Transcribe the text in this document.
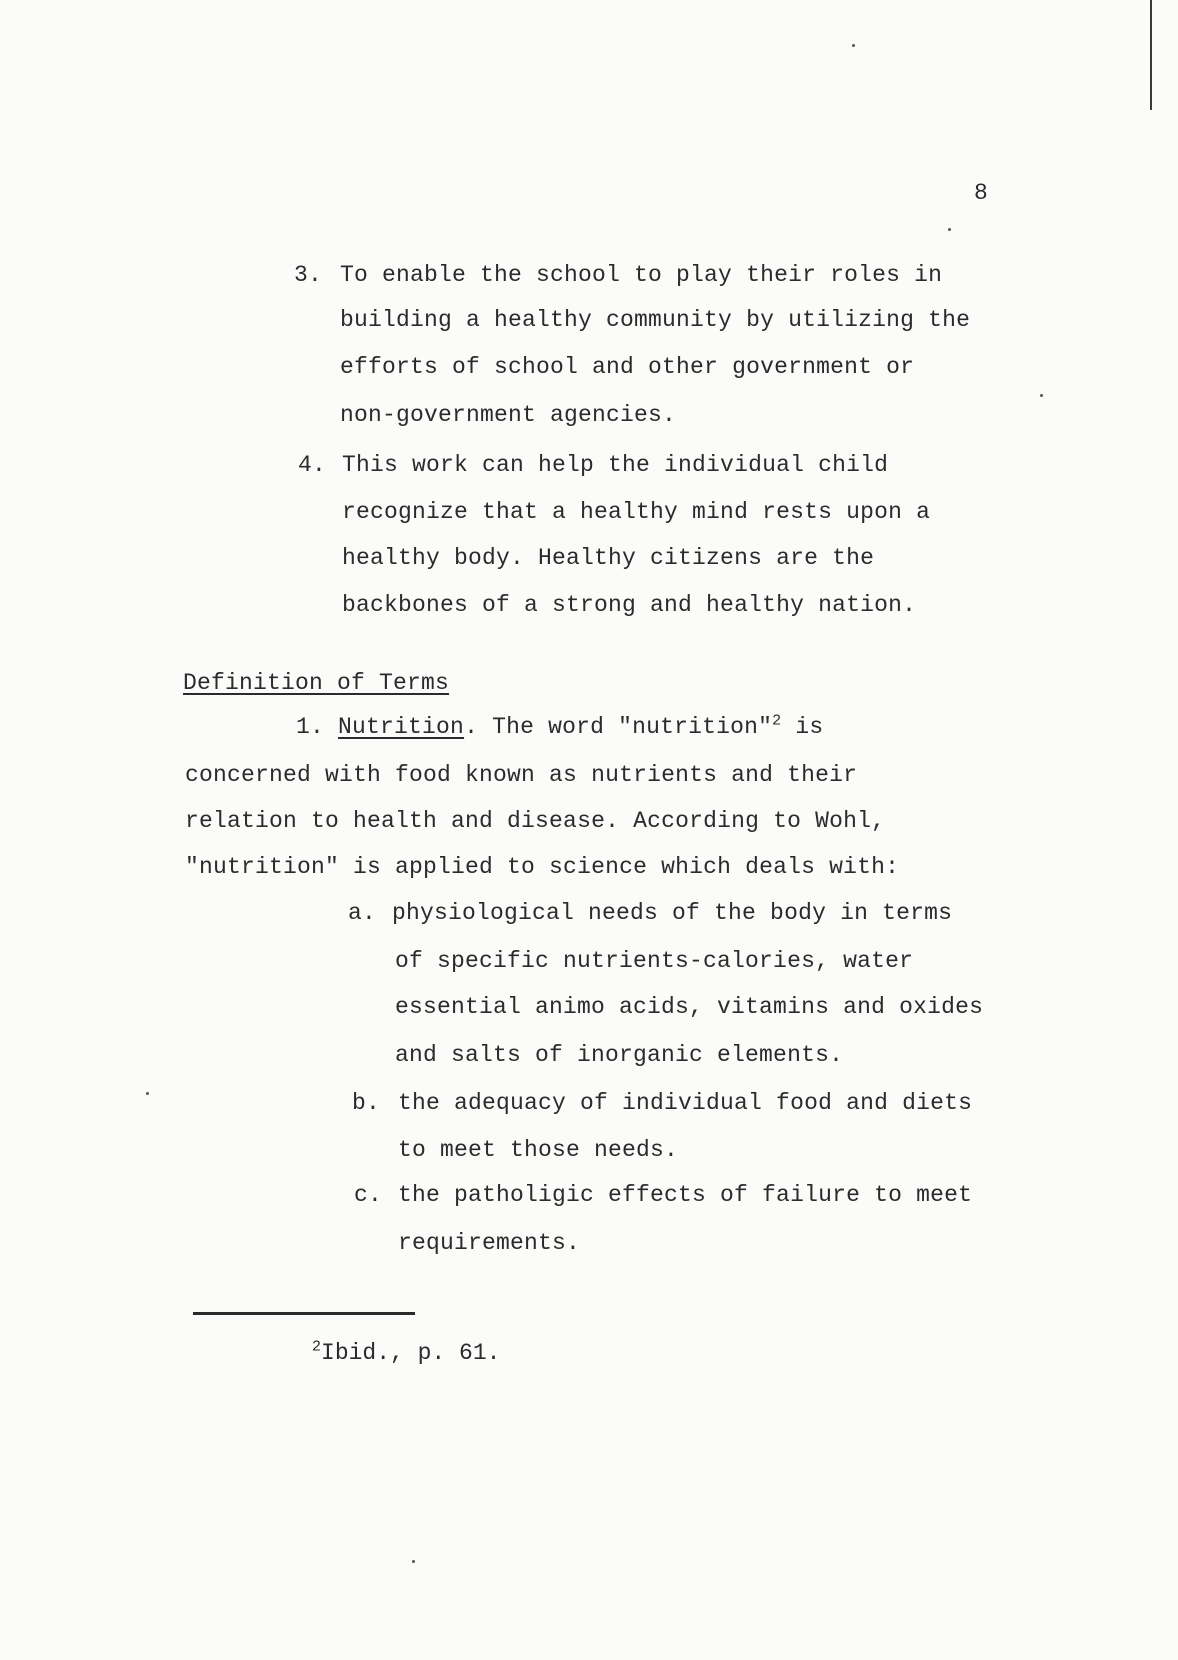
8
3. To enable the school to play their roles in
building a healthy community by utilizing the
efforts of school and other government or
non-government agencies.
4. This work can help the individual child
recognize that a healthy mind rests upon a
healthy body. Healthy citizens are the
backbones of a strong and healthy nation.
Definition of Terms
1. Nutrition. The word "nutrition"$^2$ is
concerned with food known as nutrients and their
relation to health and disease. According to Wohl,
"nutrition" is applied to science which deals with:
a. physiological needs of the body in terms
of specific nutrients-calories, water
essential animo acids, vitamins and oxides
and salts of inorganic elements.
b. the adequacy of individual food and diets
to meet those needs.
c. the patholigic effects of failure to meet
requirements.
$^2$Ibid., p. 61.
